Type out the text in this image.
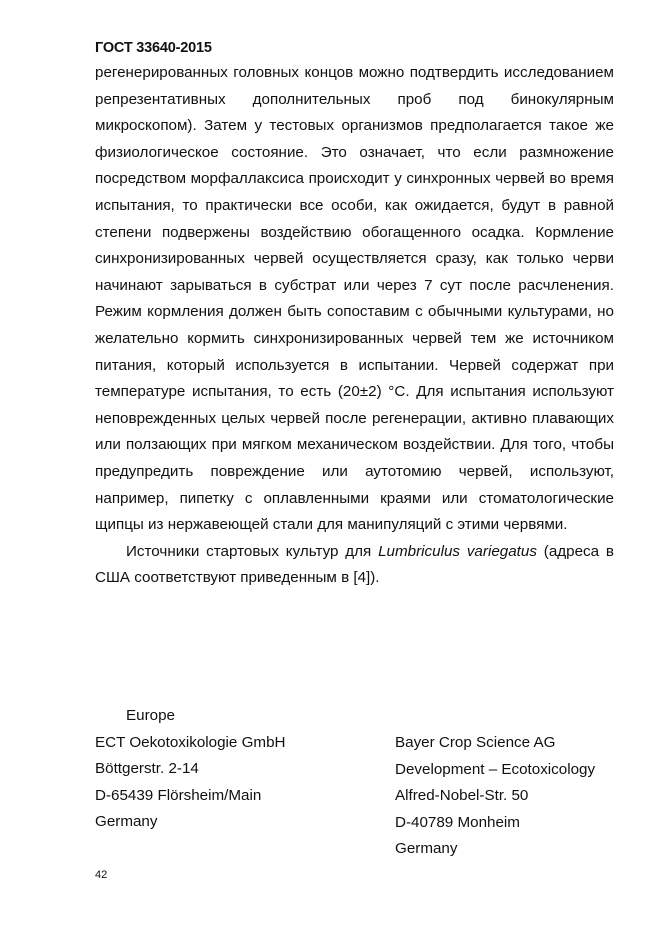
ГОСТ 33640-2015

регенерированных головных концов можно подтвердить исследованием репрезентативных дополнительных проб под бинокулярным микроскопом). Затем у тестовых организмов предполагается такое же физиологическое состояние. Это означает, что если размножение посредством морфаллаксиса происходит у синхронных червей во время испытания, то практически все особи, как ожидается, будут в равной степени подвержены воздействию обогащенного осадка. Кормление синхронизированных червей осуществляется сразу, как только черви начинают зарываться в субстрат или через 7 сут после расчленения. Режим кормления должен быть сопоставим с обычными культурами, но желательно кормить синхронизированных червей тем же источником питания, который используется в испытании. Червей содержат при температуре испытания, то есть (20±2) °С. Для испытания используют неповрежденных целых червей после регенерации, активно плавающих или ползающих при мягком механическом воздействии. Для того, чтобы предупредить повреждение или аутотомию червей, используют, например, пипетку с оплавленными краями или стоматологические щипцы из нержавеющей стали для манипуляций с этими червями.

Источники стартовых культур для Lumbriculus variegatus (адреса в США соответствуют приведенным в [4]).

Europe
ECT Oekotoxikologie GmbH
Böttgerstr. 2-14
D-65439 Flörsheim/Main
Germany
Bayer Crop Science AG
Development – Ecotoxicology
Alfred-Nobel-Str. 50
D-40789 Monheim
Germany
42
